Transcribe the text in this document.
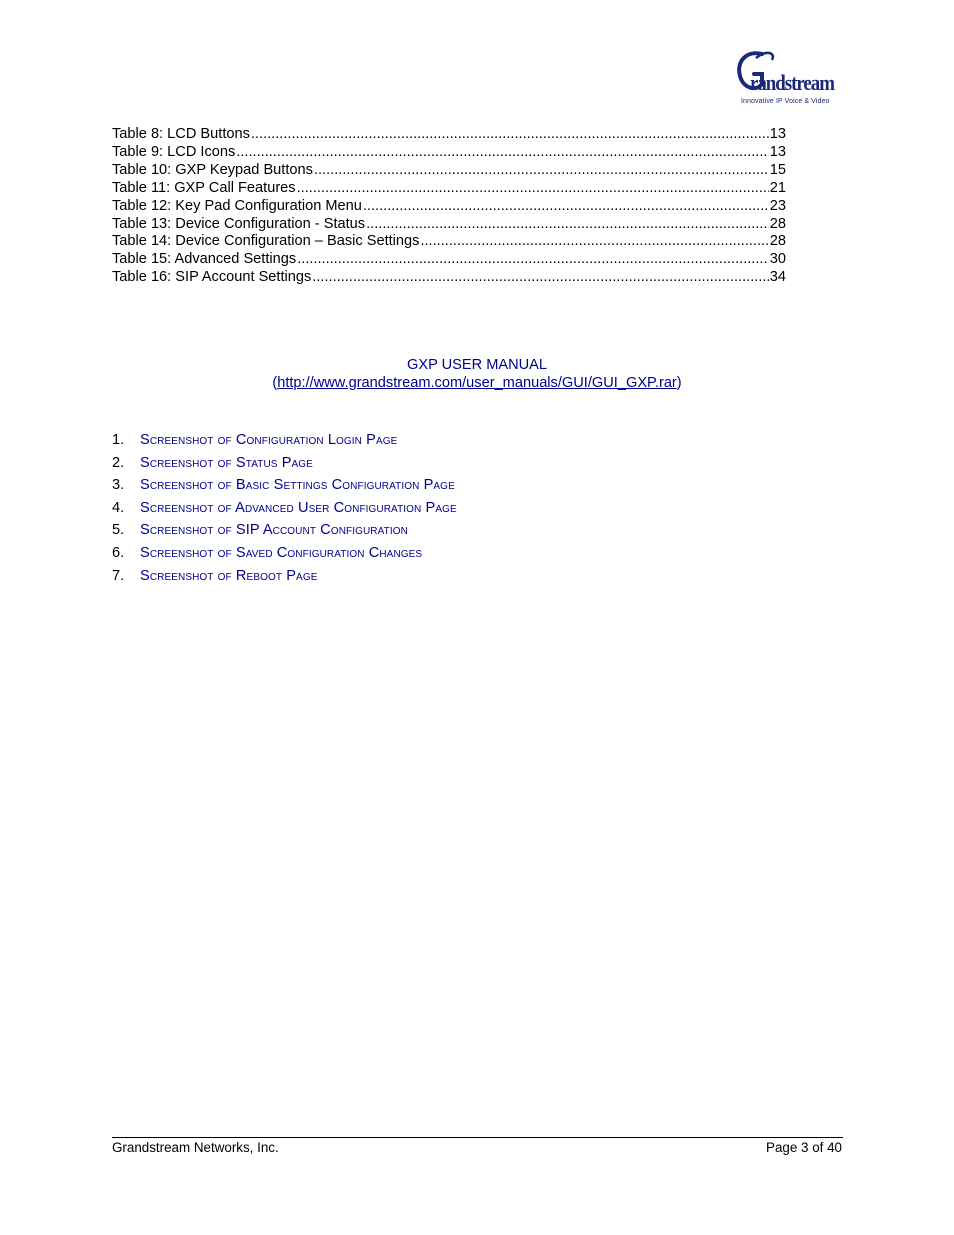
randstream
Innovative IP Voice & Video
Table 8: LCD Buttons .....	13
Table 9: LCD Icons .....	13
Table 10: GXP Keypad Buttons .....	15
Table 11: GXP Call Features .....	21
Table 12: Key Pad Configuration Menu .....	23
Table 13: Device Configuration - Status .....	28
Table 14: Device Configuration – Basic Settings .....	28
Table 15: Advanced Settings .....	30
Table 16: SIP Account Settings .....	34
GXP USER MANUAL
(http://www.grandstream.com/user_manuals/GUI/GUI_GXP.rar)
1. Screenshot of Configuration Login Page
2. Screenshot of Status Page
3. Screenshot of Basic Settings Configuration Page
4. Screenshot of Advanced User Configuration Page
5. Screenshot of SIP Account Configuration
6. Screenshot of Saved Configuration Changes
7. Screenshot of Reboot Page
Grandstream Networks, Inc.	Page 3 of 40
